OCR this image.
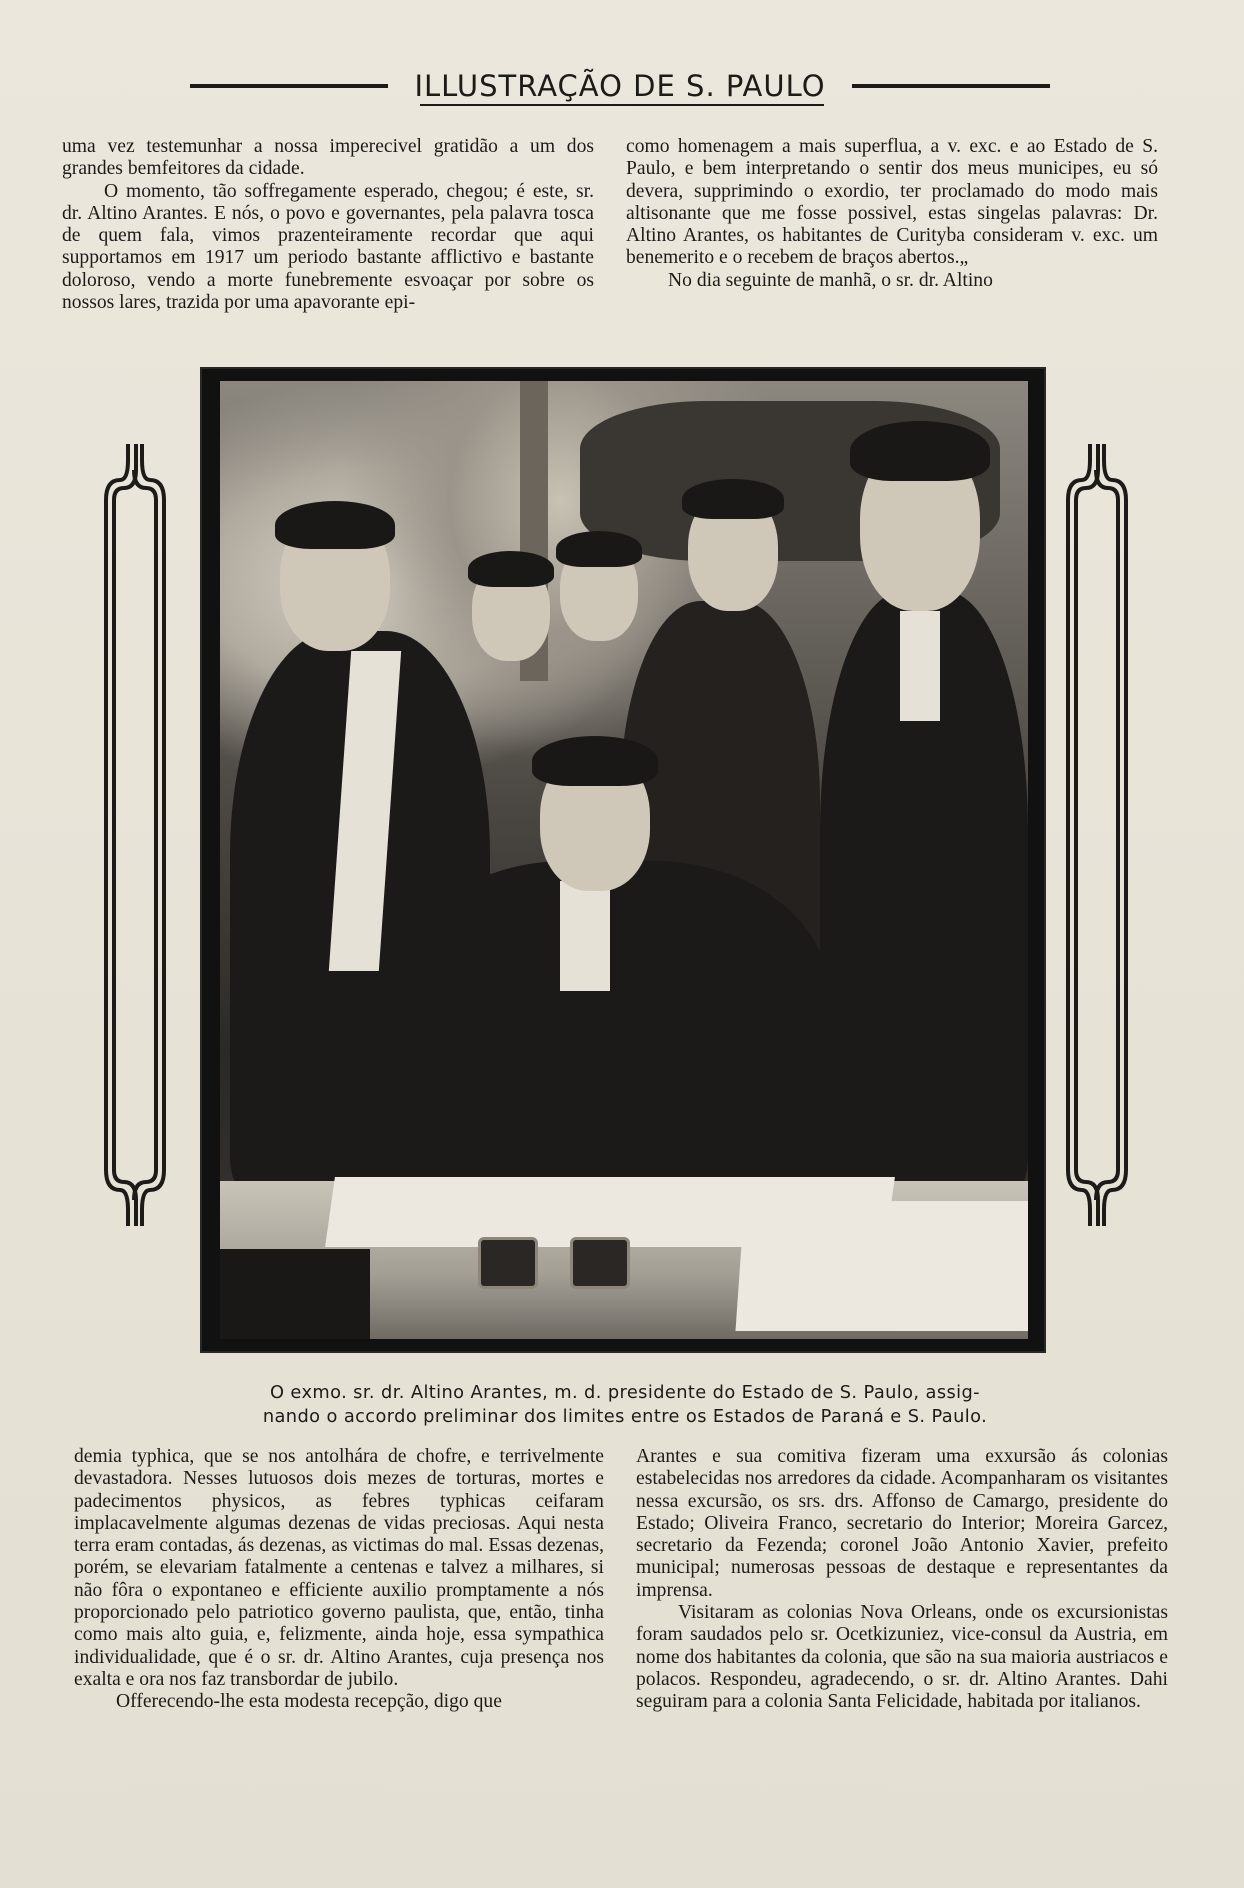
ILLUSTRAÇÃO DE S. PAULO

uma vez testemunhar a nossa imperecivel gratidão a um dos grandes bemfeitores da cidade.

O momento, tão soffregamente esperado, chegou; é este, sr. dr. Altino Arantes. E nós, o povo e governantes, pela palavra tosca de quem fala, vimos prazenteiramente recordar que aqui supportamos em 1917 um periodo bastante afflictivo e bastante doloroso, vendo a morte funebremente esvoaçar por sobre os nossos lares, trazida por uma apavorante epi-

como homenagem a mais superflua, a v. exc. e ao Estado de S. Paulo, e bem interpretando o sentir dos meus municipes, eu só devera, supprimindo o exordio, ter proclamado do modo mais altisonante que me fosse possivel, estas singelas palavras: Dr. Altino Arantes, os habitantes de Curityba consideram v. exc. um benemerito e o recebem de braços abertos.„

No dia seguinte de manhã, o sr. dr. Altino

O exmo. sr. dr. Altino Arantes, m. d. presidente do Estado de S. Paulo, assig-

nando o accordo preliminar dos limites entre os Estados de Paraná e S. Paulo.

demia typhica, que se nos antolhára de chofre, e terrivelmente devastadora. Nesses lutuosos dois mezes de torturas, mortes e padecimentos physicos, as febres typhicas ceifaram implacavelmente algumas dezenas de vidas preciosas. Aqui nesta terra eram contadas, ás dezenas, as victimas do mal. Essas dezenas, porém, se elevariam fatalmente a centenas e talvez a milhares, si não fôra o expontaneo e efficiente auxilio promptamente a nós proporcionado pelo patriotico governo paulista, que, então, tinha como mais alto guia, e, felizmente, ainda hoje, essa sympathica individualidade, que é o sr. dr. Altino Arantes, cuja presença nos exalta e ora nos faz transbordar de jubilo.

Offerecendo-lhe esta modesta recepção, digo que

Arantes e sua comitiva fizeram uma exxursão ás colonias estabelecidas nos arredores da cidade. Acompanharam os visitantes nessa excursão, os srs. drs. Affonso de Camargo, presidente do Estado; Oliveira Franco, secretario do Interior; Moreira Garcez, secretario da Fezenda; coronel João Antonio Xavier, prefeito municipal; numerosas pessoas de destaque e representantes da imprensa.

Visitaram as colonias Nova Orleans, onde os excursionistas foram saudados pelo sr. Ocetkizuniez, vice-consul da Austria, em nome dos habitantes da colonia, que são na sua maioria austriacos e polacos. Respondeu, agradecendo, o sr. dr. Altino Arantes. Dahi seguiram para a colonia Santa Felicidade, habitada por italianos.
